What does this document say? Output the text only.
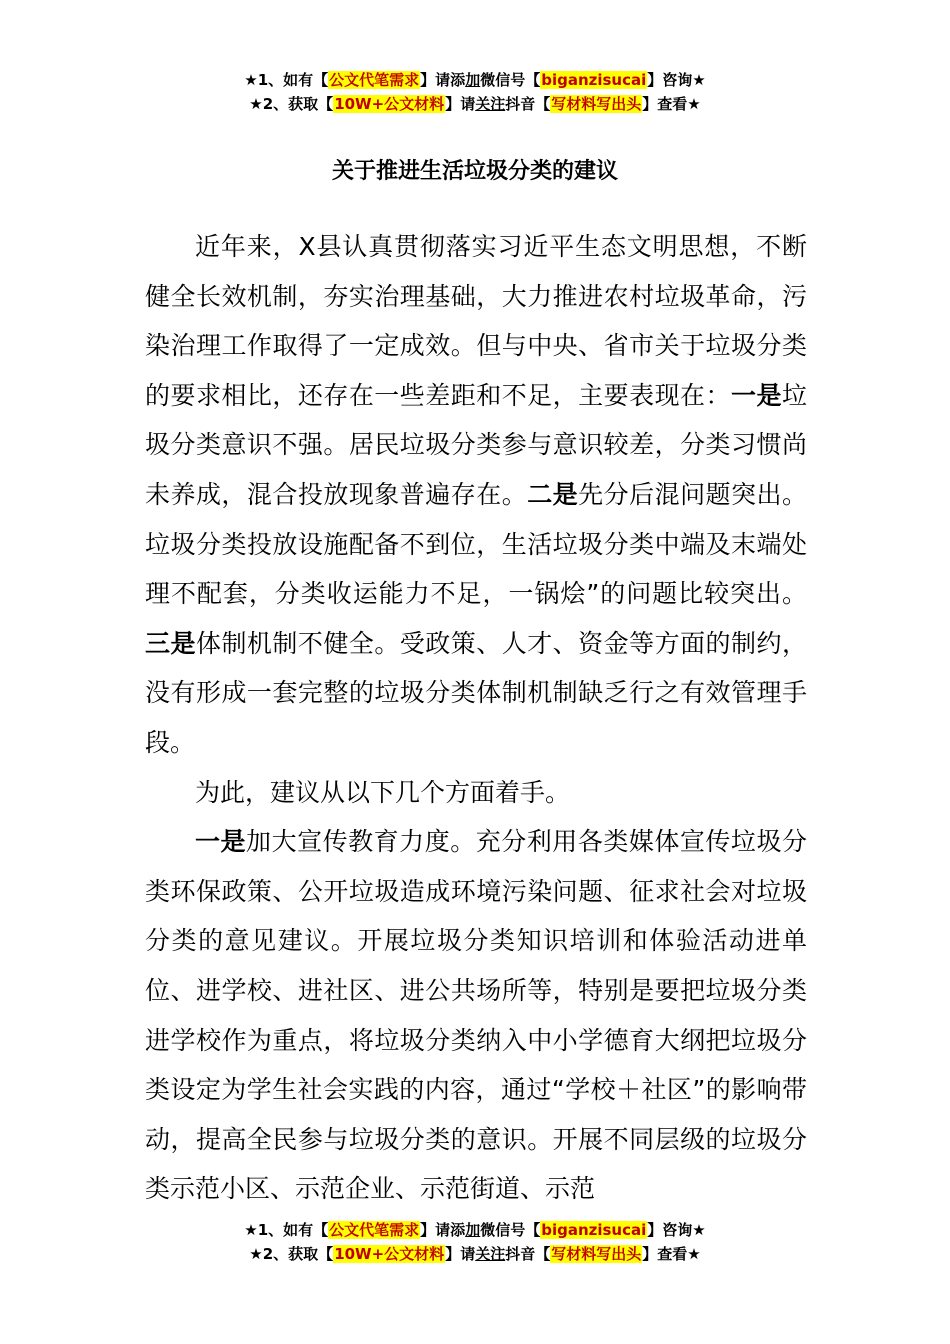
★1、如有【公文代笔需求】请添加微信号【biganzisucai】咨询★
★2、获取【10W+公文材料】请关注抖音【写材料写出头】查看★
关于推进生活垃圾分类的建议

近年来，X县认真贯彻落实习近平生态文明思想，不断健全长效机制，夯实治理基础，大力推进农村垃圾革命，污染治理工作取得了一定成效。但与中央、省市关于垃圾分类的要求相比，还存在一些差距和不足，主要表现在：一是垃圾分类意识不强。居民垃圾分类参与意识较差，分类习惯尚未养成，混合投放现象普遍存在。二是先分后混问题突出。垃圾分类投放设施配备不到位，生活垃圾分类中端及末端处理不配套，分类收运能力不足，一锅烩”的问题比较突出。三是体制机制不健全。受政策、人才、资金等方面的制约，没有形成一套完整的垃圾分类体制机制缺乏行之有效管理手段。

为此，建议从以下几个方面着手。

一是加大宣传教育力度。充分利用各类媒体宣传垃圾分类环保政策、公开垃圾造成环境污染问题、征求社会对垃圾分类的意见建议。开展垃圾分类知识培训和体验活动进单位、进学校、进社区、进公共场所等，特别是要把垃圾分类进学校作为重点，将垃圾分类纳入中小学德育大纲把垃圾分类设定为学生社会实践的内容，通过“学校＋社区”的影响带动，提高全民参与垃圾分类的意识。开展不同层级的垃圾分类示范小区、示范企业、示范街道、示范

★1、如有【公文代笔需求】请添加微信号【biganzisucai】咨询★
★2、获取【10W+公文材料】请关注抖音【写材料写出头】查看★
